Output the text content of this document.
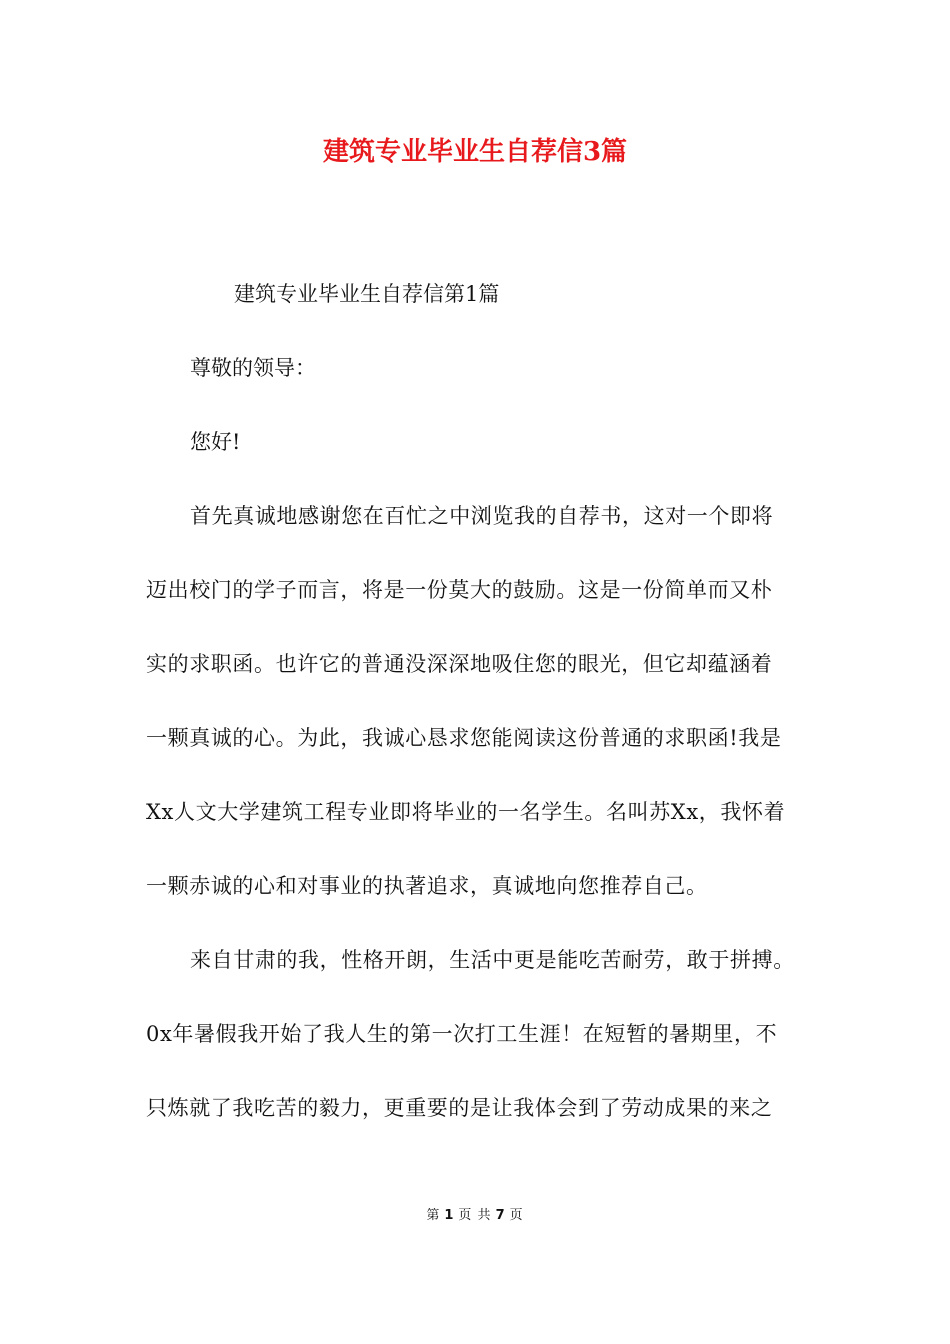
建筑专业毕业生自荐信3篇
建筑专业毕业生自荐信第1篇
尊敬的领导：
您好!
首先真诚地感谢您在百忙之中浏览我的自荐书，这对一个即将
迈出校门的学子而言，将是一份莫大的鼓励。这是一份简单而又朴
实的求职函。也许它的普通没深深地吸住您的眼光，但它却蕴涵着
一颗真诚的心。为此，我诚心恳求您能阅读这份普通的求职函!我是
Xx人文大学建筑工程专业即将毕业的一名学生。名叫苏Xx，我怀着
一颗赤诚的心和对事业的执著追求，真诚地向您推荐自己。
来自甘肃的我，性格开朗，生活中更是能吃苦耐劳，敢于拼搏。
0x年暑假我开始了我人生的第一次打工生涯！在短暂的暑期里，不
只炼就了我吃苦的毅力，更重要的是让我体会到了劳动成果的来之
第 1 页 共 7 页
